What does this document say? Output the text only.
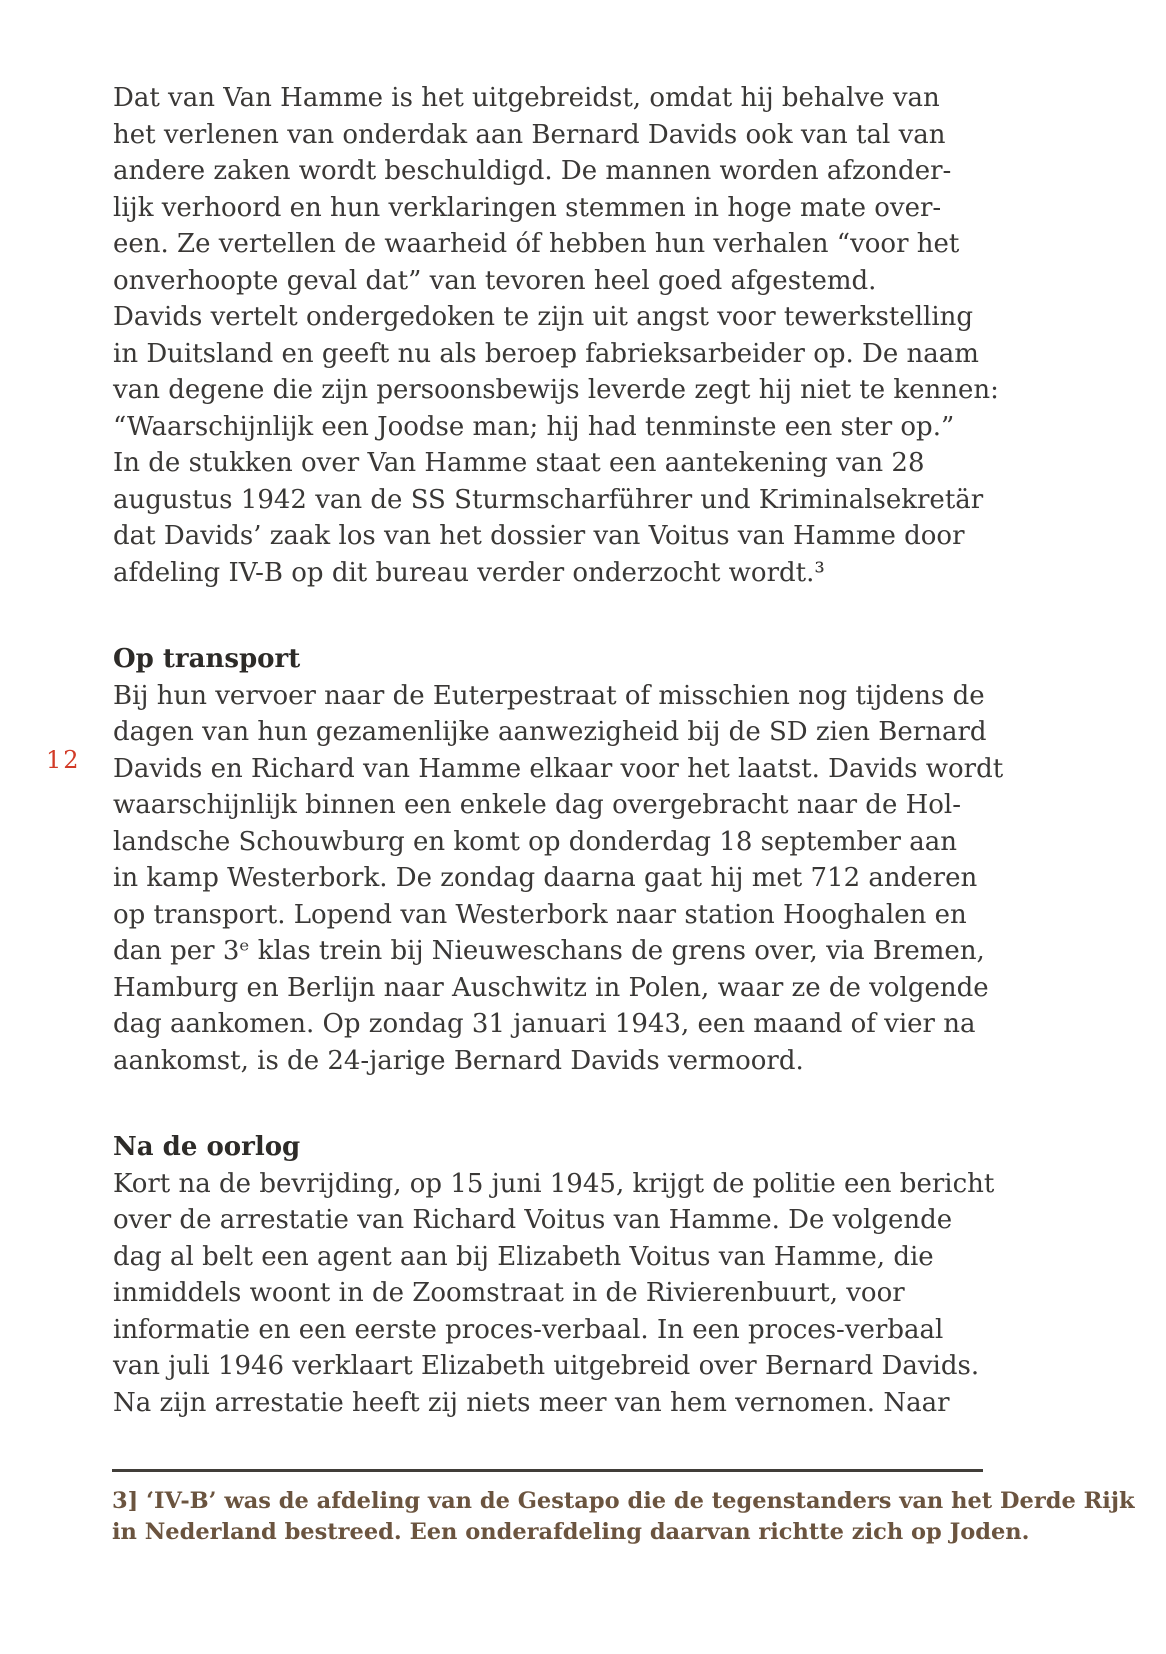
12

Dat van Van Hamme is het uitgebreidst, omdat hij behalve van
het verlenen van onderdak aan Bernard Davids ook van tal van
andere zaken wordt beschuldigd. De mannen worden afzonder-
lijk verhoord en hun verklaringen stemmen in hoge mate over-
een. Ze vertellen de waarheid óf hebben hun verhalen “voor het
onverhoopte geval dat” van tevoren heel goed afgestemd.
Davids vertelt ondergedoken te zijn uit angst voor tewerkstelling
in Duitsland en geeft nu als beroep fabrieksarbeider op. De naam
van degene die zijn persoonsbewijs leverde zegt hij niet te kennen:
“Waarschijnlijk een Joodse man; hij had tenminste een ster op.”
In de stukken over Van Hamme staat een aantekening van 28
augustus 1942 van de SS Sturmscharführer und Kriminalsekretär
dat Davids’ zaak los van het dossier van Voitus van Hamme door
afdeling IV-B op dit bureau verder onderzocht wordt.³

Op transport

Bij hun vervoer naar de Euterpestraat of misschien nog tijdens de
dagen van hun gezamenlijke aanwezigheid bij de SD zien Bernard
Davids en Richard van Hamme elkaar voor het laatst. Davids wordt
waarschijnlijk binnen een enkele dag overgebracht naar de Hol-
landsche Schouwburg en komt op donderdag 18 september aan
in kamp Westerbork. De zondag daarna gaat hij met 712 anderen
op transport. Lopend van Westerbork naar station Hooghalen en
dan per 3ᵉ klas trein bij Nieuweschans de grens over, via Bremen,
Hamburg en Berlijn naar Auschwitz in Polen, waar ze de volgende
dag aankomen. Op zondag 31 januari 1943, een maand of vier na
aankomst, is de 24-jarige Bernard Davids vermoord.

Na de oorlog

Kort na de bevrijding, op 15 juni 1945, krijgt de politie een bericht
over de arrestatie van Richard Voitus van Hamme. De volgende
dag al belt een agent aan bij Elizabeth Voitus van Hamme, die
inmiddels woont in de Zoomstraat in de Rivierenbuurt, voor
informatie en een eerste proces-verbaal. In een proces-verbaal
van juli 1946 verklaart Elizabeth uitgebreid over Bernard Davids.
Na zijn arrestatie heeft zij niets meer van hem vernomen. Naar

3] ‘IV-B’ was de afdeling van de Gestapo die de tegenstanders van het Derde Rijk
in Nederland bestreed. Een onderafdeling daarvan richtte zich op Joden.
